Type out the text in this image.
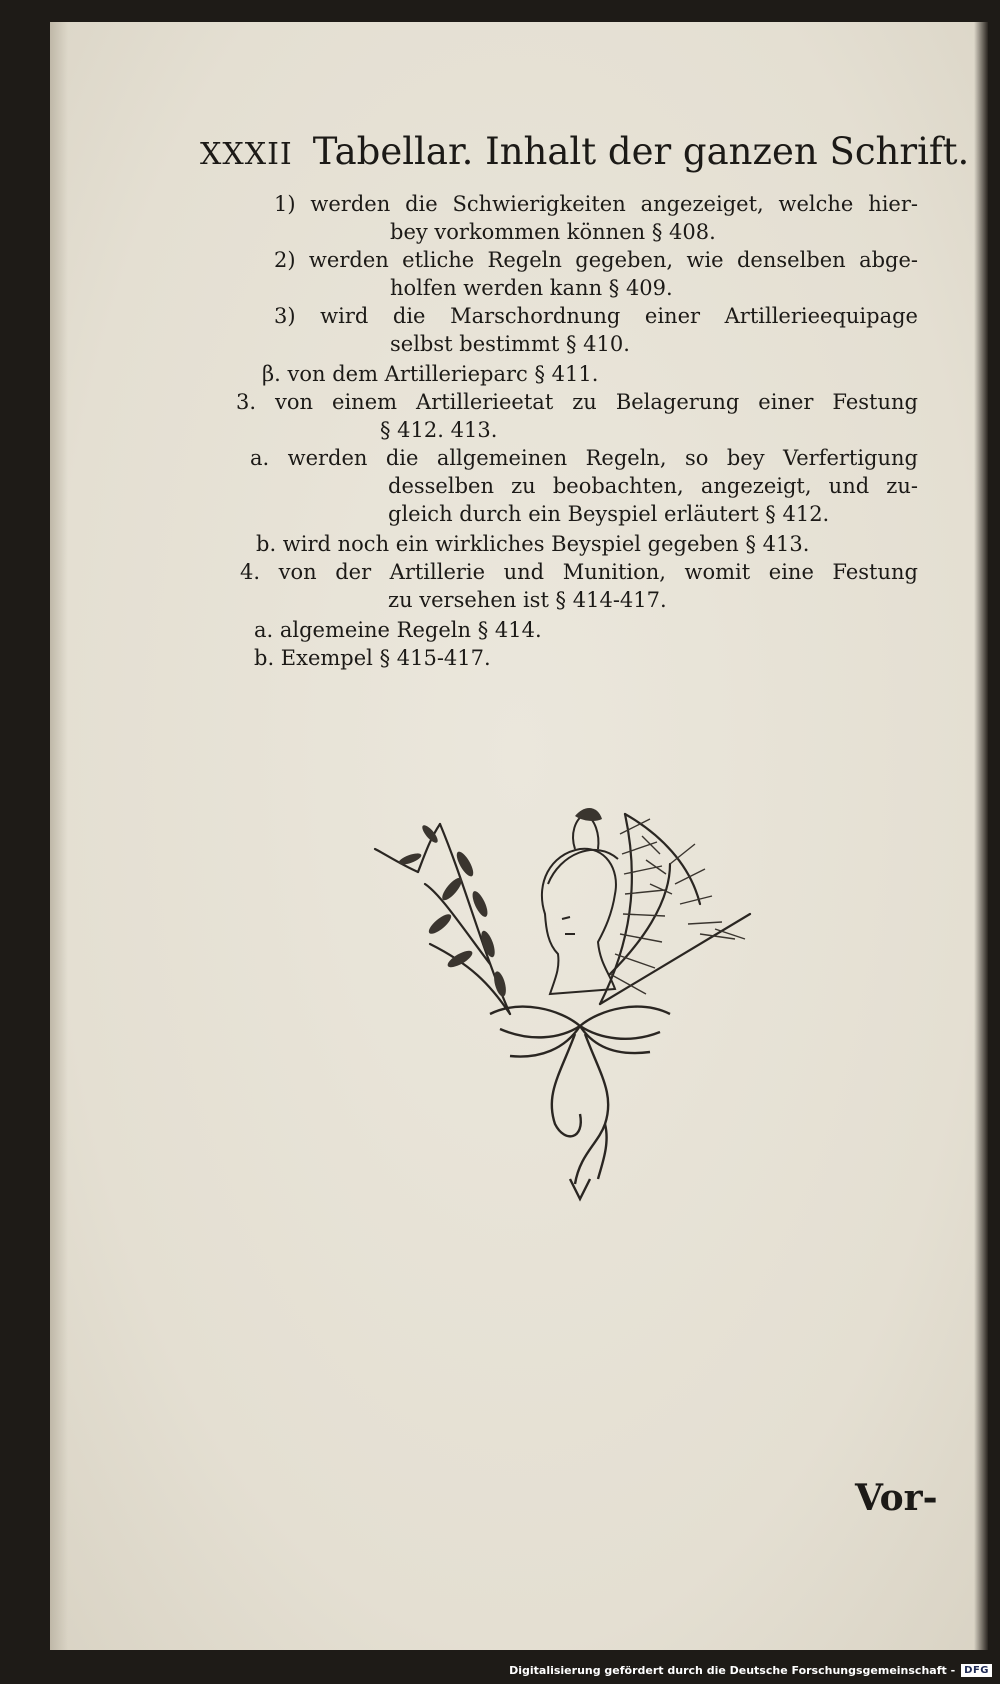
XXXII Tabellar. Inhalt der ganzen Schrift.
1) werden die Schwierigkeiten angezeiget, welche hier-
bey vorkommen können § 408.
2) werden etliche Regeln gegeben, wie denselben abge-
holfen werden kann § 409.
3) wird die Marschordnung einer Artillerieequipage
selbst bestimmt § 410.
β. von dem Artillerieparc § 411.
3. von einem Artillerieetat zu Belagerung einer Festung
§ 412. 413.
a. werden die allgemeinen Regeln, so bey Verfertigung
desselben zu beobachten, angezeigt, und zu-
gleich durch ein Beyspiel erläutert § 412.
b. wird noch ein wirkliches Beyspiel gegeben § 413.
4. von der Artillerie und Munition, womit eine Festung
zu versehen ist § 414-417.
a. algemeine Regeln § 414.
b. Exempel § 415-417.
Vor-
Digitalisierung gefördert durch die Deutsche Forschungsgemeinschaft - DFG
